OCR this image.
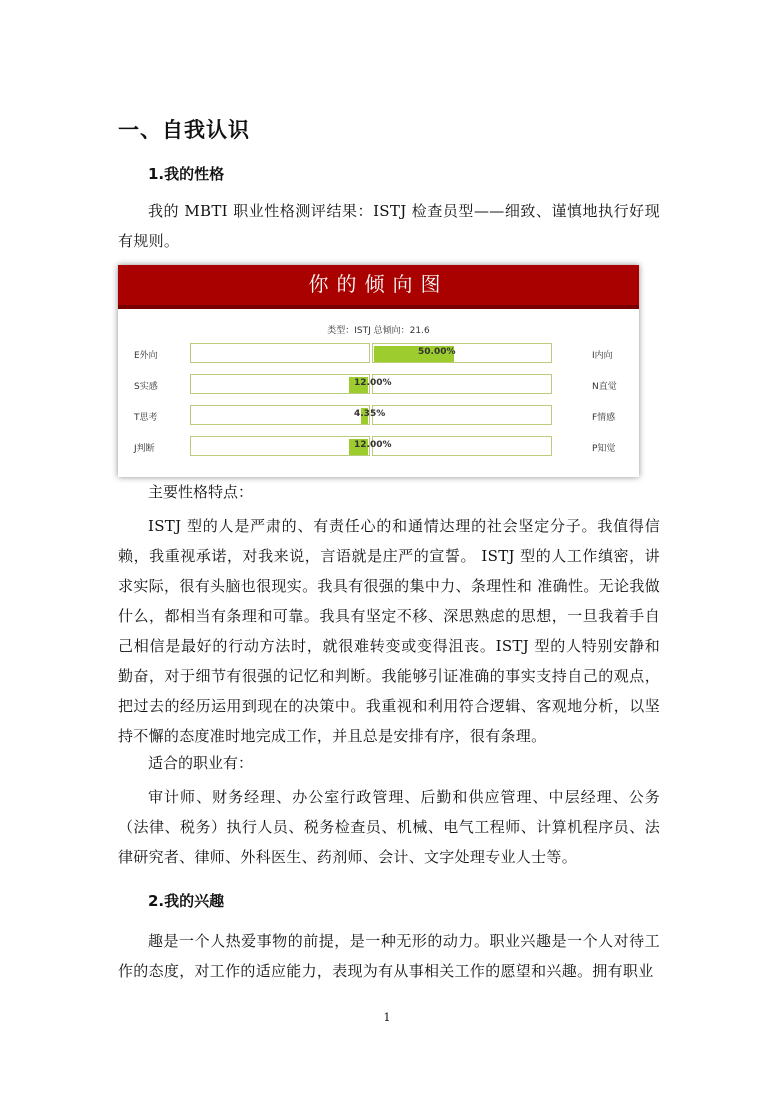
一、自我认识
1.我的性格
我的 MBTI 职业性格测评结果：ISTJ 检查员型——细致、谨慎地执行好现有规则。
你的倾向图
类型：ISTJ 总倾向：21.6
E外向	I内向
50.00%
S实感	N直觉
12.00%
T思考	F情感
4.35%
J判断	P知觉
12.00%
主要性格特点：
ISTJ 型的人是严肃的、有责任心的和通情达理的社会坚定分子。我值得信赖，我重视承诺，对我来说，言语就是庄严的宣誓。 ISTJ 型的人工作缜密，讲求实际，很有头脑也很现实。我具有很强的集中力、条理性和 准确性。无论我做什么，都相当有条理和可靠。我具有坚定不移、深思熟虑的思想，一旦我着手自己相信是最好的行动方法时，就很难转变或变得沮丧。ISTJ 型的人特别安静和勤奋，对于细节有很强的记忆和判断。我能够引证准确的事实支持自己的观点，把过去的经历运用到现在的决策中。我重视和利用符合逻辑、客观地分析，以坚持不懈的态度准时地完成工作，并且总是安排有序，很有条理。
适合的职业有：
审计师、财务经理、办公室行政管理、后勤和供应管理、中层经理、公务（法律、税务）执行人员、税务检查员、机械、电气工程师、计算机程序员、法律研究者、律师、外科医生、药剂师、会计、文字处理专业人士等。
2.我的兴趣
趣是一个人热爱事物的前提，是一种无形的动力。职业兴趣是一个人对待工作的态度，对工作的适应能力，表现为有从事相关工作的愿望和兴趣。拥有职业
1
